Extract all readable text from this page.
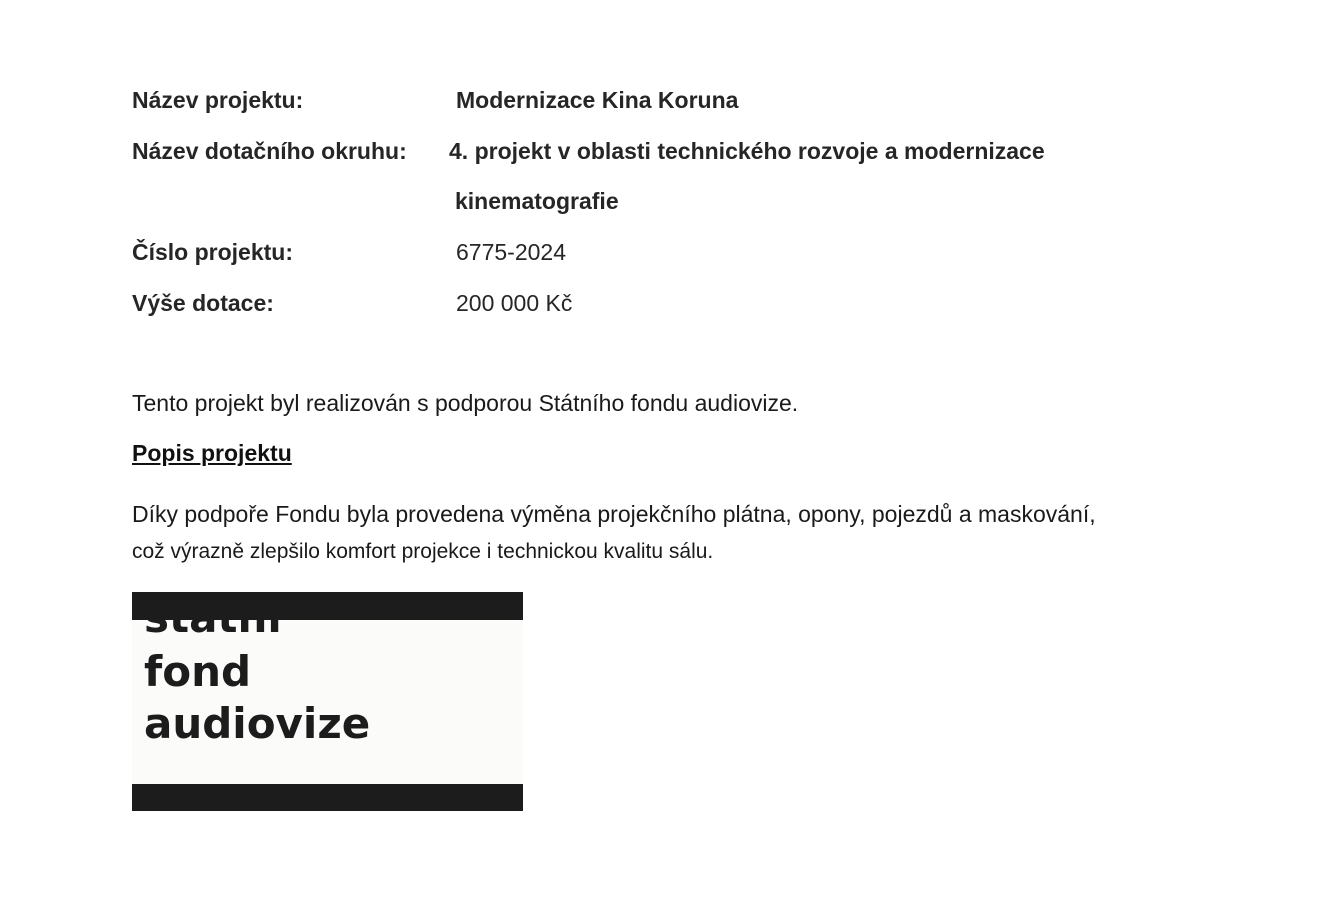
Název projektu:	Modernizace Kina Koruna
Název dotačního okruhu: 4. projekt v oblasti technického rozvoje a modernizace
kinematografie
Číslo projektu:	6775-2024
Výše dotace:	200 000 Kč
Tento projekt byl realizován s podporou Státního fondu audiovize.
Popis projektu
Díky podpoře Fondu byla provedena výměna projekčního plátna, opony, pojezdů a maskování,
což výrazně zlepšilo komfort projekce i technickou kvalitu sálu.
fond
audiovize
